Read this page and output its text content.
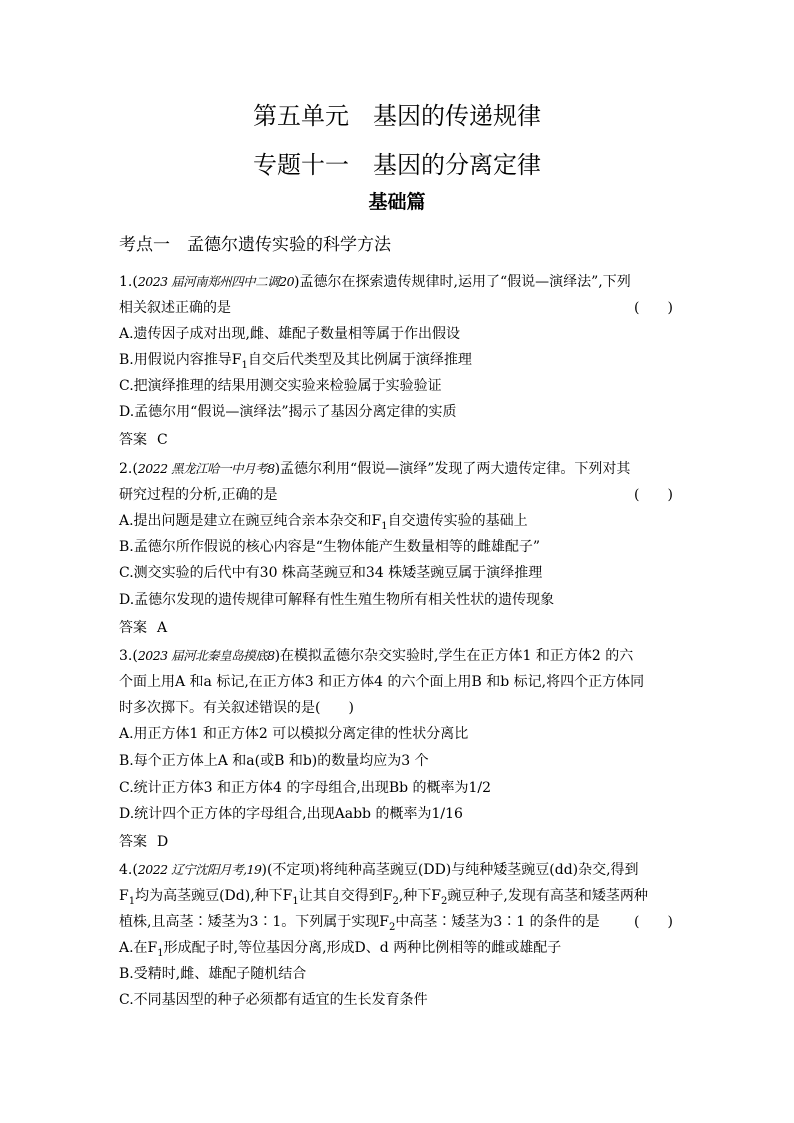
第五单元　基因的传递规律
专题十一　基因的分离定律
基础篇
考点一　孟德尔遗传实验的科学方法
1.(2023 届河南郑州四中二调20)孟德尔在探索遗传规律时,运用了“假说—演绎法”,下列
相关叙述正确的是	(　　)
A.遗传因子成对出现,雌、雄配子数量相等属于作出假设
B.用假说内容推导$F_1$自交后代类型及其比例属于演绎推理
C.把演绎推理的结果用测交实验来检验属于实验验证
D.孟德尔用“假说—演绎法”揭示了基因分离定律的实质
答案 C
2.(2022 黑龙江哈一中月考8)孟德尔利用“假说—演绎”发现了两大遗传定律。下列对其
研究过程的分析,正确的是	(　　)
A.提出问题是建立在豌豆纯合亲本杂交和$F_1$自交遗传实验的基础上
B.孟德尔所作假说的核心内容是“生物体能产生数量相等的雌雄配子”
C.测交实验的后代中有30 株高茎豌豆和34 株矮茎豌豆属于演绎推理
D.孟德尔发现的遗传规律可解释有性生殖生物所有相关性状的遗传现象
答案 A
3.(2023 届河北秦皇岛摸底8)在模拟孟德尔杂交实验时,学生在正方体1 和正方体2 的六
个面上用A 和a 标记,在正方体3 和正方体4 的六个面上用B 和b 标记,将四个正方体同
时多次掷下。有关叙述错误的是(　　)
A.用正方体1 和正方体2 可以模拟分离定律的性状分离比
B.每个正方体上A 和a(或B 和b)的数量均应为3 个
C.统计正方体3 和正方体4 的字母组合,出现Bb 的概率为1/2
D.统计四个正方体的字母组合,出现Aabb 的概率为1/16
答案 D
4.(2022 辽宁沈阳月考,19)(不定项)将纯种高茎豌豆(DD)与纯种矮茎豌豆(dd)杂交,得到
$F_1$均为高茎豌豆(Dd),种下$F_1$让其自交得到$F_2$,种下$F_2$豌豆种子,发现有高茎和矮茎两种
植株,且高茎∶矮茎为3∶1。下列属于实现$F_2$中高茎∶矮茎为3∶1 的条件的是 (　　)
A.在$F_1$形成配子时,等位基因分离,形成D、d 两种比例相等的雌或雄配子
B.受精时,雌、雄配子随机结合
C.不同基因型的种子必须都有适宜的生长发育条件
